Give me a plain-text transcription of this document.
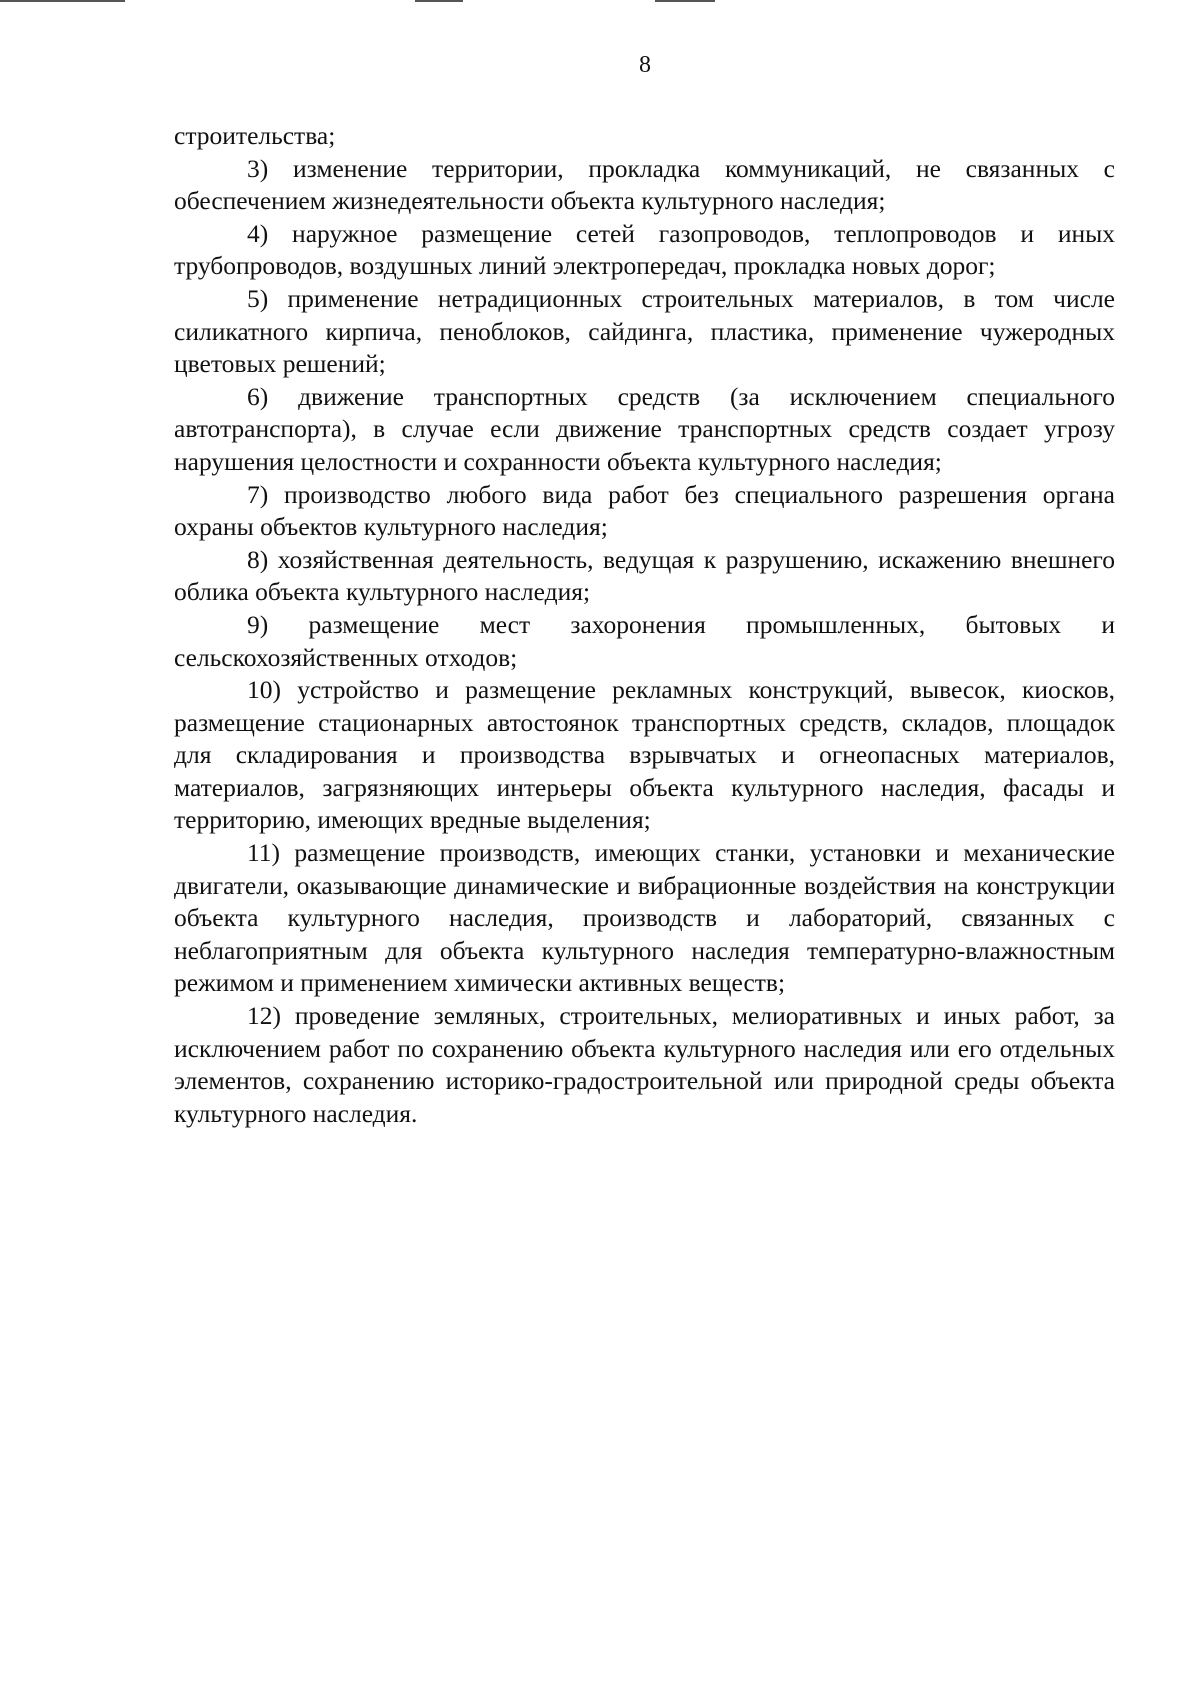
8

строительства;

3) изменение территории, прокладка коммуникаций, не связанных с обеспечением жизнедеятельности объекта культурного наследия;

4) наружное размещение сетей газопроводов, теплопроводов и иных трубопроводов, воздушных линий электропередач, прокладка новых дорог;

5) применение нетрадиционных строительных материалов, в том числе силикатного кирпича, пеноблоков, сайдинга, пластика, применение чужеродных цветовых решений;

6) движение транспортных средств (за исключением специального автотранспорта), в случае если движение транспортных средств создает угрозу нарушения целостности и сохранности объекта культурного наследия;

7) производство любого вида работ без специального разрешения органа охраны объектов культурного наследия;

8) хозяйственная деятельность, ведущая к разрушению, искажению внешнего облика объекта культурного наследия;

9) размещение мест захоронения промышленных, бытовых и сельскохозяйственных отходов;

10) устройство и размещение рекламных конструкций, вывесок, киосков, размещение стационарных автостоянок транспортных средств, складов, площадок для складирования и производства взрывчатых и огнеопасных материалов, материалов, загрязняющих интерьеры объекта культурного наследия, фасады и территорию, имеющих вредные выделения;

11) размещение производств, имеющих станки, установки и механические двигатели, оказывающие динамические и вибрационные воздействия на конструкции объекта культурного наследия, производств и лабораторий, связанных с неблагоприятным для объекта культурного наследия температурно-влажностным режимом и применением химически активных веществ;

12) проведение земляных, строительных, мелиоративных и иных работ, за исключением работ по сохранению объекта культурного наследия или его отдельных элементов, сохранению историко-градостроительной или природной среды объекта культурного наследия.
